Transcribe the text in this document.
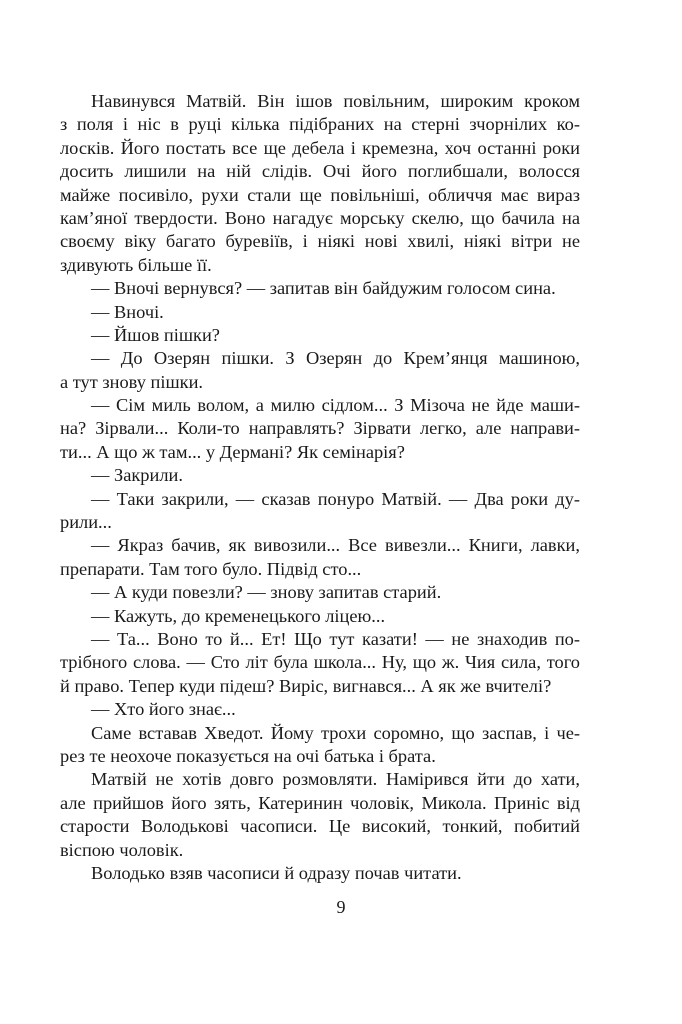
Навинувся Матвій. Він ішов повільним, широким кроком
з поля і ніс в руці кілька підібраних на стерні зчорнілих ко-
лосків. Його постать все ще дебела і кремезна, хоч останні роки
досить лишили на ній слідів. Очі його поглибшали, волосся
майже посивіло, рухи стали ще повільніші, обличчя має вираз
кам’яної твердости. Воно нагадує морську скелю, що бачила на
своєму віку багато буревіїв, і ніякі нові хвилі, ніякі вітри не
здивують більше її.
— Вночі вернувся? — запитав він байдужим голосом сина.
— Вночі.
— Йшов пішки?
— До Озерян пішки. З Озерян до Крем’янця машиною,
а тут знову пішки.
— Сім миль волом, а милю сідлом... З Мізоча не йде маши-
на? Зірвали... Коли-то направлять? Зірвати легко, але направи-
ти... А що ж там... у Дермані? Як семінарія?
— Закрили.
— Таки закрили, — сказав понуро Матвій. — Два роки ду-
рили...
— Якраз бачив, як вивозили... Все вивезли... Книги, лавки,
препарати. Там того було. Підвід сто...
— А куди повезли? — знову запитав старий.
— Кажуть, до кременецького ліцею...
— Та... Воно то й... Ет! Що тут казати! — не знаходив по-
трібного слова. — Сто літ була школа... Ну, що ж. Чия сила, того
й право. Тепер куди підеш? Виріс, вигнався... А як же вчителі?
— Хто його знає...
Саме вставав Хведот. Йому трохи соромно, що заспав, і че-
рез те неохоче показується на очі батька і брата.
Матвій не хотів довго розмовляти. Намірився йти до хати,
але прийшов його зять, Катеринин чоловік, Микола. Приніс від
старости Володькові часописи. Це високий, тонкий, побитий
віспою чоловік.
Володько взяв часописи й одразу почав читати.
9
